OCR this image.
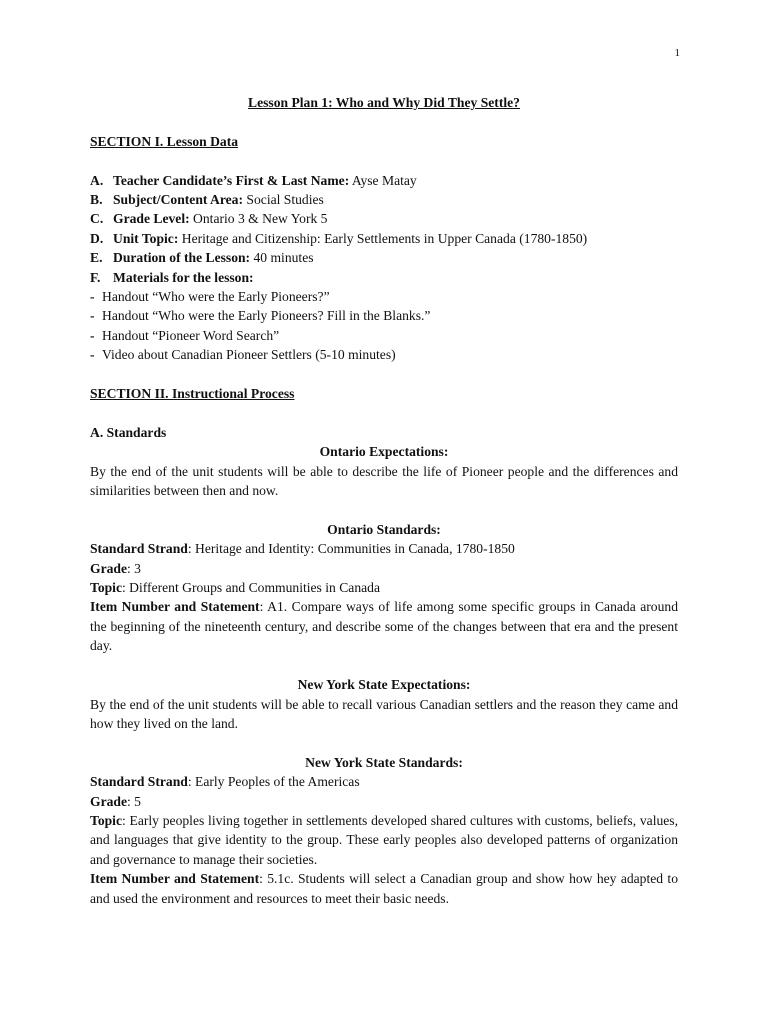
1
Lesson Plan 1: Who and Why Did They Settle?
SECTION I. Lesson Data
A. Teacher Candidate’s First & Last Name: Ayse Matay
B. Subject/Content Area: Social Studies
C. Grade Level: Ontario 3 & New York 5
D. Unit Topic: Heritage and Citizenship: Early Settlements in Upper Canada (1780-1850)
E. Duration of the Lesson: 40 minutes
F. Materials for the lesson:
- Handout “Who were the Early Pioneers?”
- Handout “Who were the Early Pioneers? Fill in the Blanks.”
- Handout “Pioneer Word Search”
- Video about Canadian Pioneer Settlers (5-10 minutes)
SECTION II. Instructional Process
A. Standards
Ontario Expectations:
By the end of the unit students will be able to describe the life of Pioneer people and the differences and similarities between then and now.
Ontario Standards:
Standard Strand: Heritage and Identity: Communities in Canada, 1780-1850
Grade: 3
Topic: Different Groups and Communities in Canada
Item Number and Statement: A1. Compare ways of life among some specific groups in Canada around the beginning of the nineteenth century, and describe some of the changes between that era and the present day.
New York State Expectations:
By the end of the unit students will be able to recall various Canadian settlers and the reason they came and how they lived on the land.
New York State Standards:
Standard Strand: Early Peoples of the Americas
Grade: 5
Topic: Early peoples living together in settlements developed shared cultures with customs, beliefs, values, and languages that give identity to the group. These early peoples also developed patterns of organization and governance to manage their societies.
Item Number and Statement: 5.1c. Students will select a Canadian group and show how hey adapted to and used the environment and resources to meet their basic needs.
